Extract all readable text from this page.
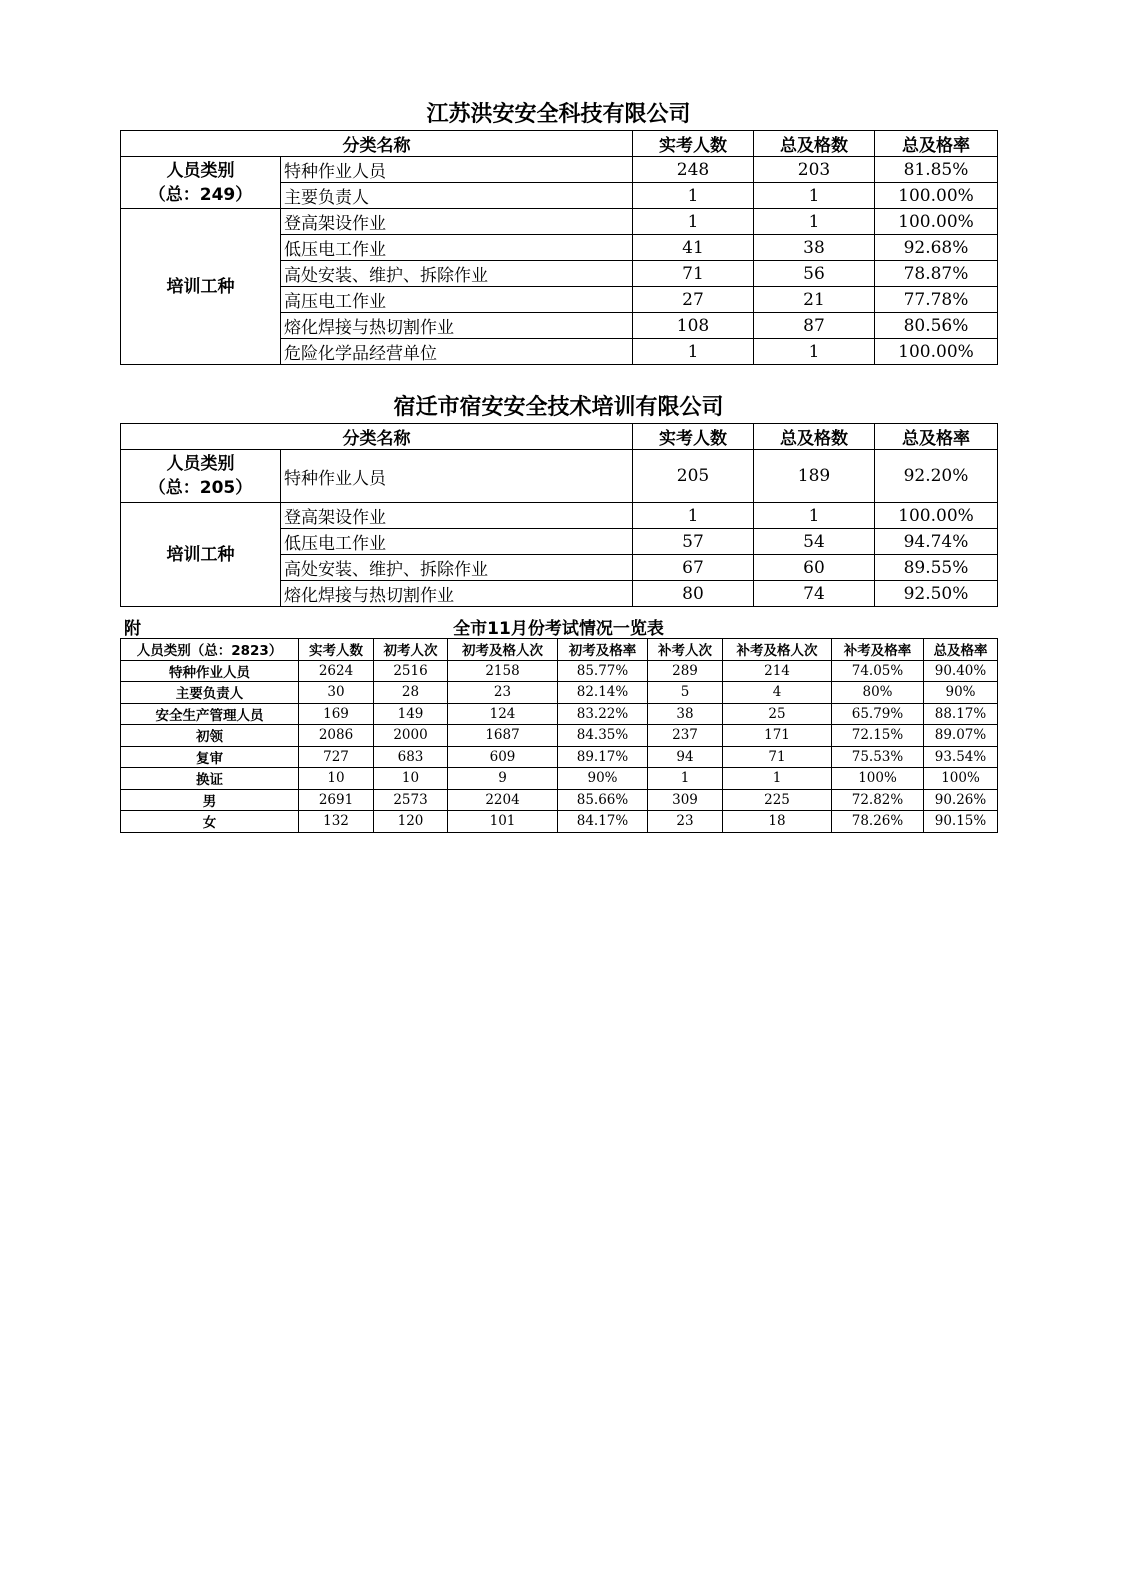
江苏洪安安全科技有限公司
分类名称		实考人数	总及格数	总及格率

人员类别
（总：249）	特种作业人员	248	203	81.85%
	主要负责人	1	1	100.00%
培训工种	登高架设作业	1	1	100.00%
	低压电工作业	41	38	92.68%
	高处安装、维护、拆除作业	71	56	78.87%
	高压电工作业	27	21	77.78%
	熔化焊接与热切割作业	108	87	80.56%
	危险化学品经营单位	1	1	100.00%
宿迁市宿安安全技术培训有限公司
分类名称		实考人数	总及格数	总及格率

人员类别
（总：205）	特种作业人员	205	189	92.20%
培训工种	登高架设作业	1	1	100.00%
	低压电工作业	57	54	94.74%
	高处安装、维护、拆除作业	67	60	89.55%
	熔化焊接与热切割作业	80	74	92.50%
全市11月份考试情况一览表
附
人员类别（总：2823）	实考人数	初考人次	初考及格人次	初考及格率	补考人次	补考及格人次	补考及格率	总及格率
特种作业人员	2624	2516	2158	85.77%	289	214	74.05%	90.40%
主要负责人	30	28	23	82.14%	5	4	80%	90%
安全生产管理人员	169	149	124	83.22%	38	25	65.79%	88.17%
初领	2086	2000	1687	84.35%	237	171	72.15%	89.07%
复审	727	683	609	89.17%	94	71	75.53%	93.54%
换证	10	10	9	90%	1	1	100%	100%
男	2691	2573	2204	85.66%	309	225	72.82%	90.26%
女	132	120	101	84.17%	23	18	78.26%	90.15%
